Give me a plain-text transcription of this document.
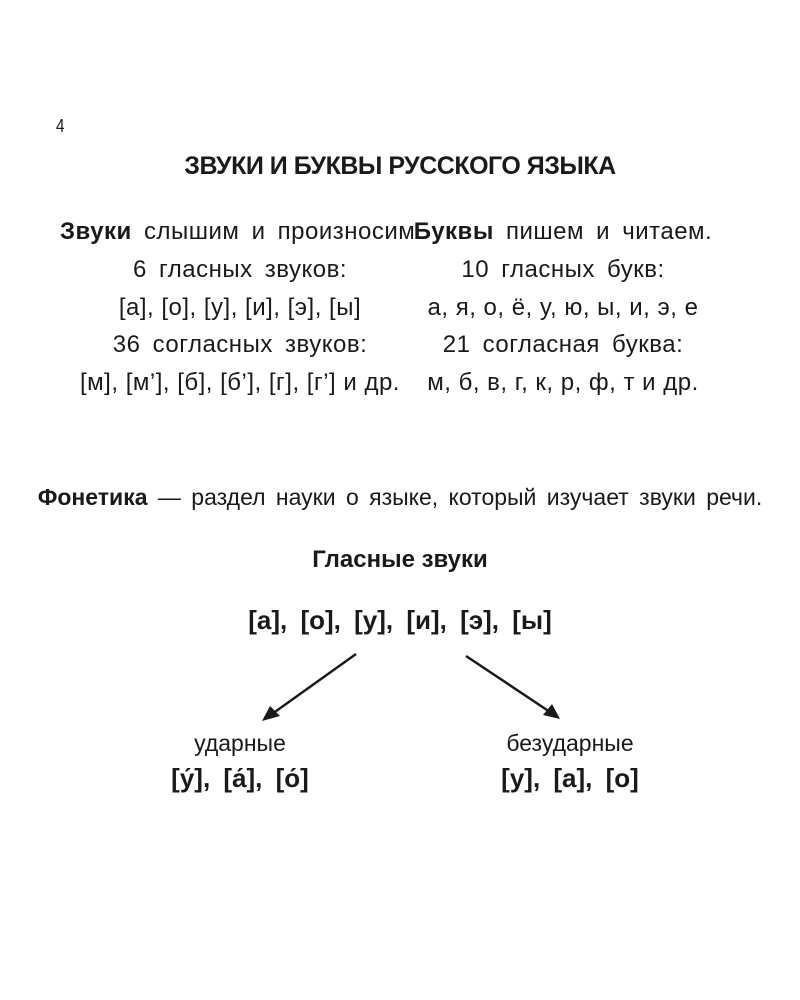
4
ЗВУКИ И БУКВЫ РУССКОГО ЯЗЫКА
Звуки слышим и произносим.
6 гласных звуков:
[а], [о], [у], [и], [э], [ы]
36 согласных звуков:
[м], [м’], [б], [б’], [г], [г’] и др.
Буквы пишем и читаем.
10 гласных букв:
а, я, о, ё, у, ю, ы, и, э, е
21 согласная буква:
м, б, в, г, к, р, ф, т и др.
Фонетика — раздел науки о языке, который изучает звуки речи.
Гласные звуки
[а], [о], [у], [и], [э], [ы]
ударные
[у́], [а́], [о́]
безударные
[у], [а], [о]
